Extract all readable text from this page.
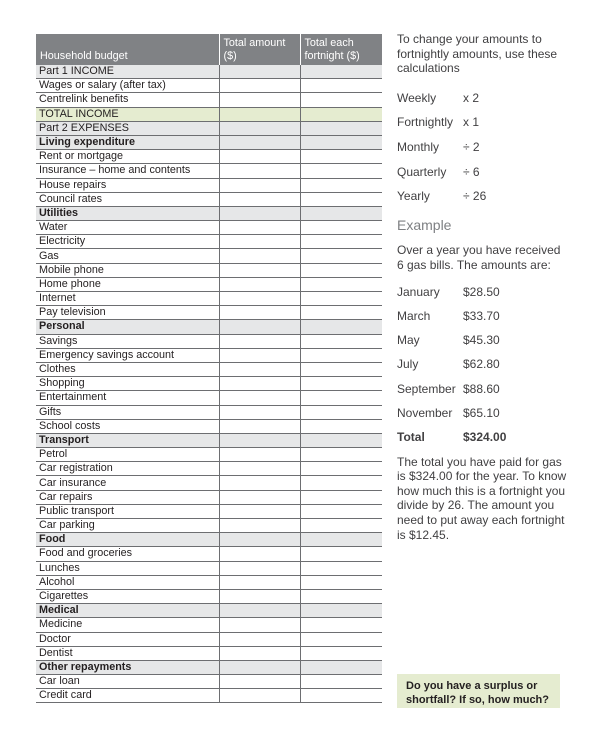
Household budget	Total amount ($)	Total each fortnight ($)
Part 1 INCOME		
Wages or salary (after tax)		
Centrelink benefits		
TOTAL INCOME		
Part 2 EXPENSES		
Living expenditure		
Rent or mortgage		
Insurance – home and contents		
House repairs		
Council rates		
Utilities		
Water		
Electricity		
Gas		
Mobile phone		
Home phone		
Internet		
Pay television		
Personal		
Savings		
Emergency savings account		
Clothes		
Shopping		
Entertainment		
Gifts		
School costs		
Transport		
Petrol		
Car registration		
Car insurance		
Car repairs		
Public transport		
Car parking		
Food		
Food and groceries		
Lunches		
Alcohol		
Cigarettes		
Medical		
Medicine		
Doctor		
Dentist		
Other repayments		
Car loan		
Credit card		

To change your amounts to fortnightly amounts, use these calculations

Weekly	x 2
Fortnightly x 1
Monthly	÷ 2
Quarterly	÷ 6
Yearly	÷ 26
Example

Over a year you have received 6 gas bills. The amounts are:

January	$28.50
March	$33.70
May	$45.30
July	$62.80
September $88.60
November $65.10
Total	$324.00

The total you have paid for gas is $324.00 for the year. To know how much this is a fortnight you divide by 26. The amount you need to put away each fortnight is $12.45.

Do you have a surplus or shortfall? If so, how much?
